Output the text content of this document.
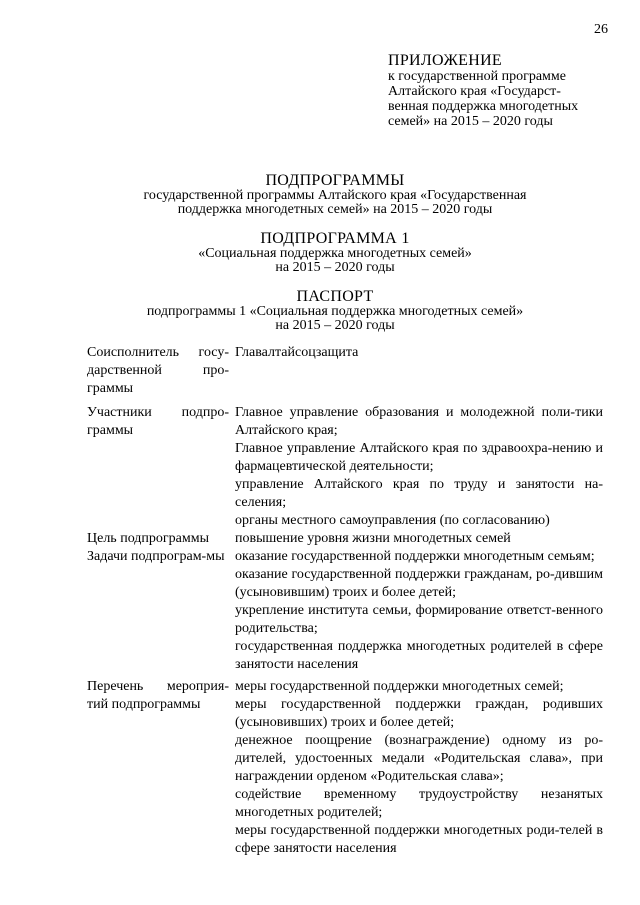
26
ПРИЛОЖЕНИЕ
к государственной программе
Алтайского края «Государст-
венная поддержка многодетных
семей» на 2015 – 2020 годы
ПОДПРОГРАММЫ
государственной программы Алтайского края «Государственная
поддержка многодетных семей» на 2015 – 2020 годы
ПОДПРОГРАММА 1
«Социальная поддержка многодетных семей»
на 2015 – 2020 годы
ПАСПОРТ
подпрограммы 1 «Социальная поддержка многодетных семей»
на 2015 – 2020 годы
Соисполнитель госу-дарственной про-граммы
Главалтайсоцзащита
Участники подпро-граммы
Главное управление образования и молодежной поли-тики Алтайского края;
Главное управление Алтайского края по здравоохра-нению и фармацевтической деятельности;
управление Алтайского края по труду и занятости на-селения;
органы местного самоуправления (по согласованию)
Цель подпрограммы	повышение уровня жизни многодетных семей
Задачи подпрограм-мы оказание государственной поддержки многодетным семьям;
оказание государственной поддержки гражданам, ро-дившим (усыновившим) троих и более детей;
укрепление института семьи, формирование ответст-венного родительства;
государственная поддержка многодетных родителей в сфере занятости населения
Перечень мероприя-тий подпрограммы
меры государственной поддержки многодетных семей;
меры государственной поддержки граждан, родивших (усыновивших) троих и более детей;
денежное поощрение (вознаграждение) одному из ро-дителей, удостоенных медали «Родительская слава», при награждении орденом «Родительская слава»;
содействие временному трудоустройству незанятых многодетных родителей;
меры государственной поддержки многодетных роди-телей в сфере занятости населения
